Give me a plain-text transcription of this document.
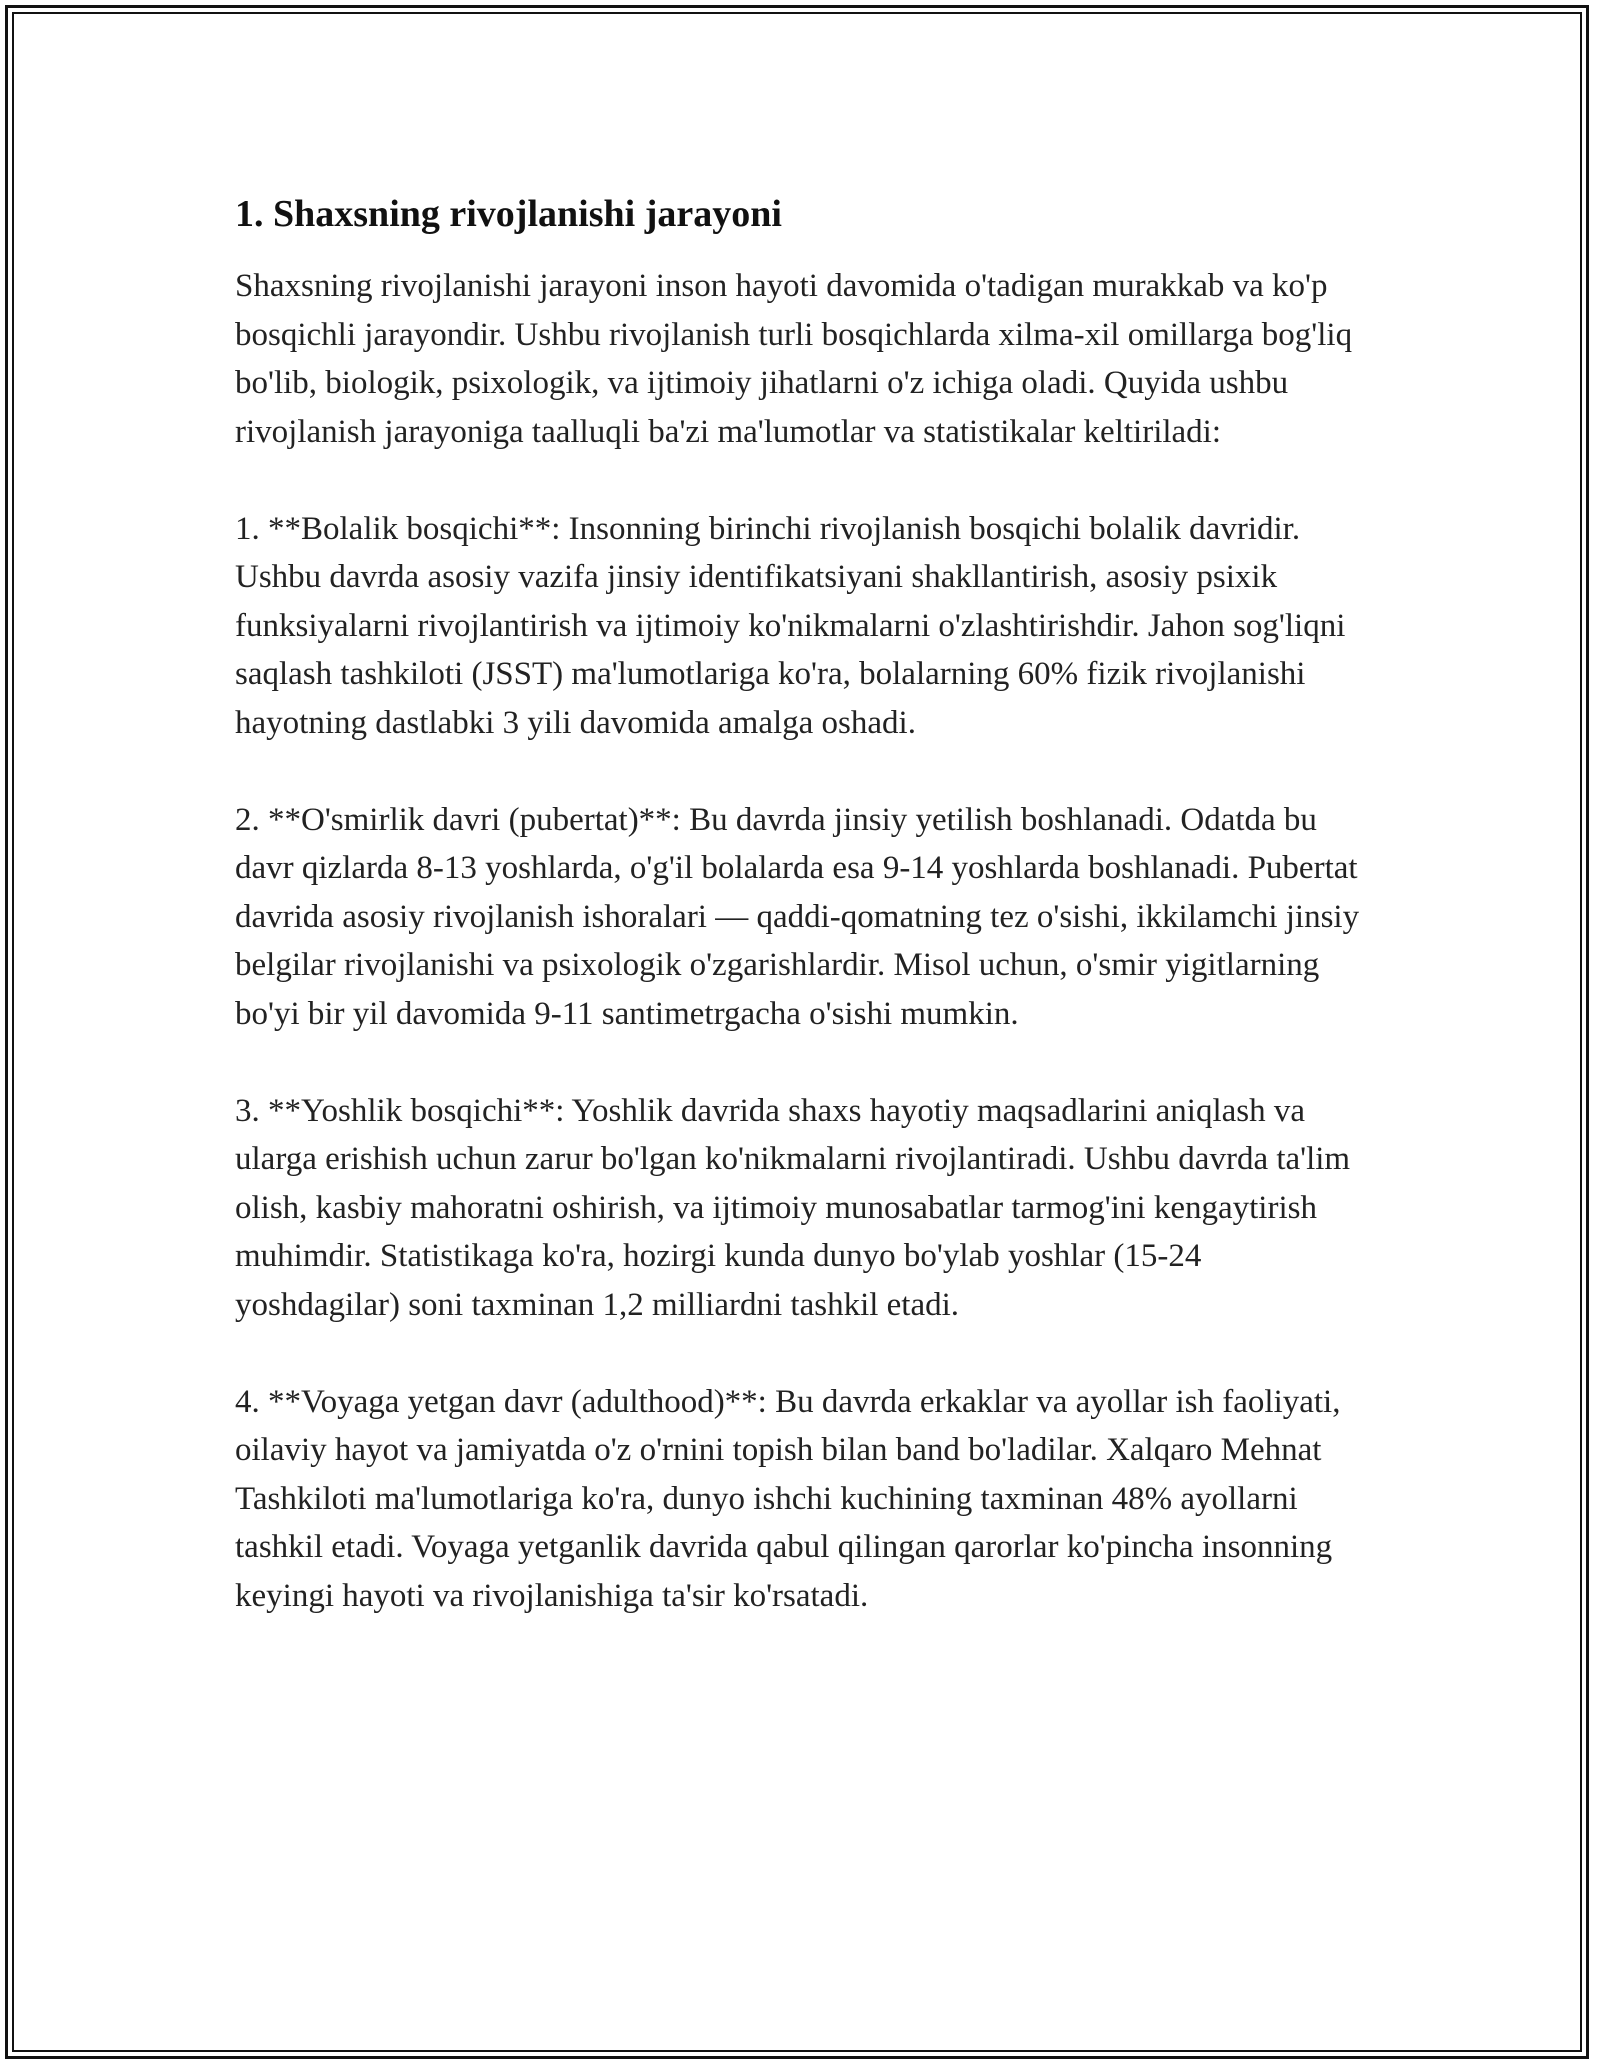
1. Shaxsning rivojlanishi jarayoni

Shaxsning rivojlanishi jarayoni inson hayoti davomida o'tadigan murakkab va ko'p bosqichli jarayondir. Ushbu rivojlanish turli bosqichlarda xilma-xil omillarga bog'liq bo'lib, biologik, psixologik, va ijtimoiy jihatlarni o'z ichiga oladi. Quyida ushbu rivojlanish jarayoniga taalluqli ba'zi ma'lumotlar va statistikalar keltiriladi:

1. **Bolalik bosqichi**: Insonning birinchi rivojlanish bosqichi bolalik davridir. Ushbu davrda asosiy vazifa jinsiy identifikatsiyani shakllantirish, asosiy psixik funksiyalarni rivojlantirish va ijtimoiy ko'nikmalarni o'zlashtirishdir. Jahon sog'liqni saqlash tashkiloti (JSST) ma'lumotlariga ko'ra, bolalarning 60% fizik rivojlanishi hayotning dastlabki 3 yili davomida amalga oshadi.

2. **O'smirlik davri (pubertat)**: Bu davrda jinsiy yetilish boshlanadi. Odatda bu davr qizlarda 8-13 yoshlarda, o'g'il bolalarda esa 9-14 yoshlarda boshlanadi. Pubertat davrida asosiy rivojlanish ishoralari — qaddi-qomatning tez o'sishi, ikkilamchi jinsiy belgilar rivojlanishi va psixologik o'zgarishlardir. Misol uchun, o'smir yigitlarning bo'yi bir yil davomida 9-11 santimetrgacha o'sishi mumkin.

3. **Yoshlik bosqichi**: Yoshlik davrida shaxs hayotiy maqsadlarini aniqlash va ularga erishish uchun zarur bo'lgan ko'nikmalarni rivojlantiradi. Ushbu davrda ta'lim olish, kasbiy mahoratni oshirish, va ijtimoiy munosabatlar tarmog'ini kengaytirish muhimdir. Statistikaga ko'ra, hozirgi kunda dunyo bo'ylab yoshlar (15-24 yoshdagilar) soni taxminan 1,2 milliardni tashkil etadi.

4. **Voyaga yetgan davr (adulthood)**: Bu davrda erkaklar va ayollar ish faoliyati, oilaviy hayot va jamiyatda o'z o'rnini topish bilan band bo'ladilar. Xalqaro Mehnat Tashkiloti ma'lumotlariga ko'ra, dunyo ishchi kuchining taxminan 48% ayollarni tashkil etadi. Voyaga yetganlik davrida qabul qilingan qarorlar ko'pincha insonning keyingi hayoti va rivojlanishiga ta'sir ko'rsatadi.
